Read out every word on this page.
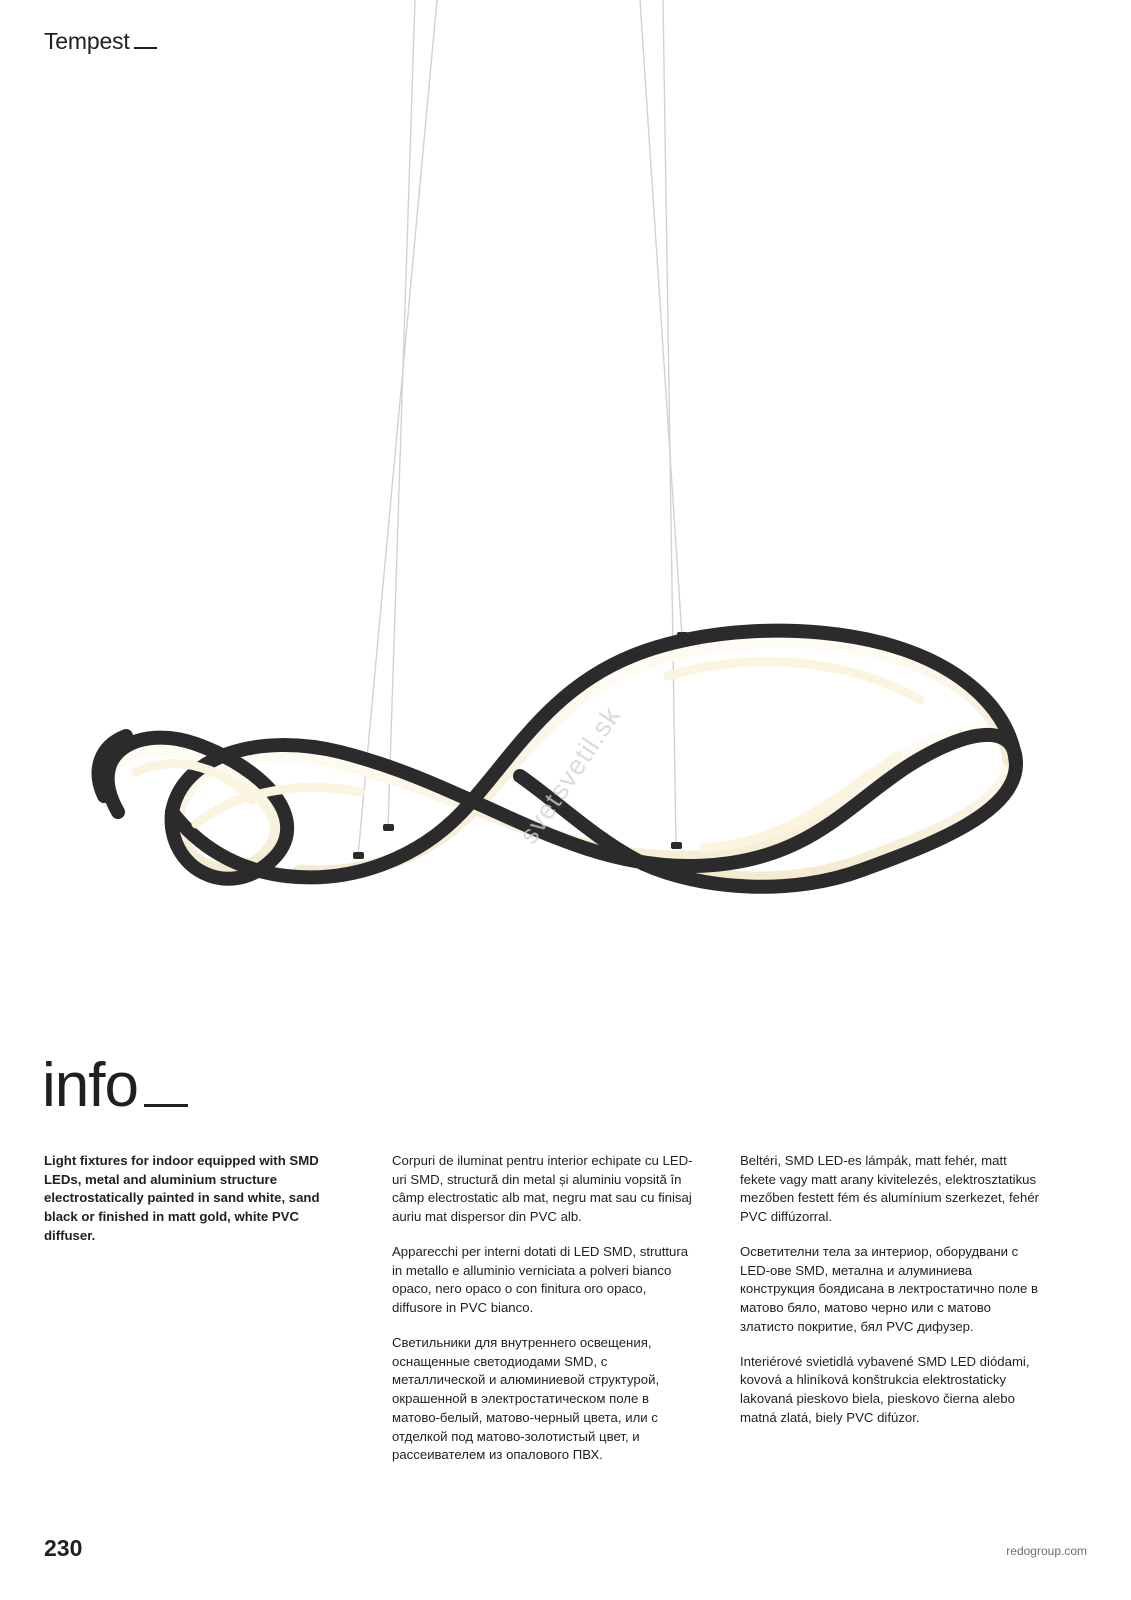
Tempest
svetsvetil.sk
info

Light fixtures for indoor equipped with SMD LEDs, metal and aluminium structure electrostatically painted in sand white, sand black or finished in matt gold, white PVC diffuser.

Corpuri de iluminat pentru interior echipate cu LED-uri SMD, structură din metal și aluminiu vopsită în câmp electrostatic alb mat, negru mat sau cu finisaj auriu mat dispersor din PVC alb.

Apparecchi per interni dotati di LED SMD, struttura in metallo e alluminio verniciata a polveri bianco opaco, nero opaco o con finitura oro opaco, diffusore in PVC bianco.

Светильники для внутреннего освещения, оснащенные светодиодами SMD, с металлической и алюминиевой структурой, окрашенной в электростатическом поле в матово-белый, матово-черный цвета, или с отделкой под матово-золотистый цвет, и рассеивателем из опалового ПВХ.

Beltéri, SMD LED-es lámpák, matt fehér, matt fekete vagy matt arany kivitelezés, elektrosztatikus mezőben festett fém és alumínium szerkezet, fehér PVC diffúzorral.

Осветителни тела за интериор, оборудвани с LED-ове SMD, метална и алуминиева конструкция боядисана в лектростатично поле в матово бяло, матово черно или с матово златисто покритие, бял PVC дифузер.

Interiérové svietidlá vybavené SMD LED diódami, kovová a hliníková konštrukcia elektrostaticky lakovaná pieskovo biela, pieskovo čierna alebo matná zlatá, biely PVC difúzor.

230	redogroup.com
